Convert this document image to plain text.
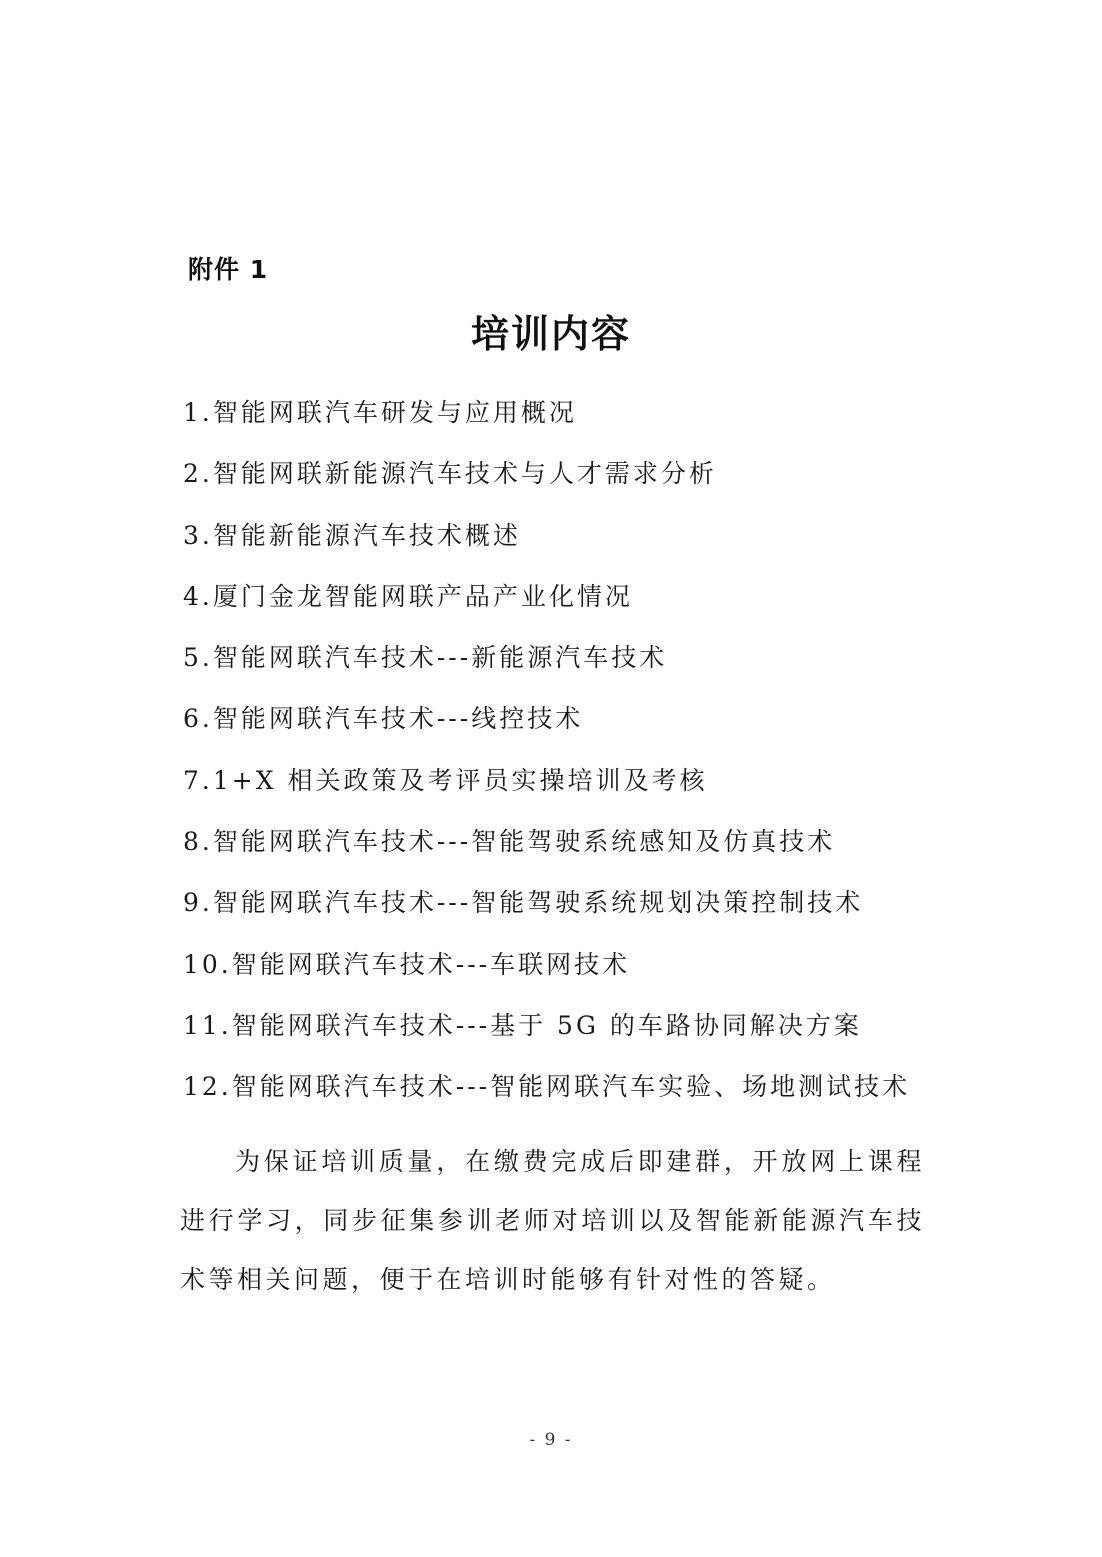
附件 1
培训内容
1.智能网联汽车研发与应用概况
2.智能网联新能源汽车技术与人才需求分析
3.智能新能源汽车技术概述
4.厦门金龙智能网联产品产业化情况
5.智能网联汽车技术---新能源汽车技术
6.智能网联汽车技术---线控技术
7.1+X 相关政策及考评员实操培训及考核
8.智能网联汽车技术---智能驾驶系统感知及仿真技术
9.智能网联汽车技术---智能驾驶系统规划决策控制技术
10.智能网联汽车技术---车联网技术
11.智能网联汽车技术---基于 5G 的车路协同解决方案
12.智能网联汽车技术---智能网联汽车实验、场地测试技术

为保证培训质量，在缴费完成后即建群，开放网上课程进行学习，同步征集参训老师对培训以及智能新能源汽车技术等相关问题，便于在培训时能够有针对性的答疑。

- 9 -
